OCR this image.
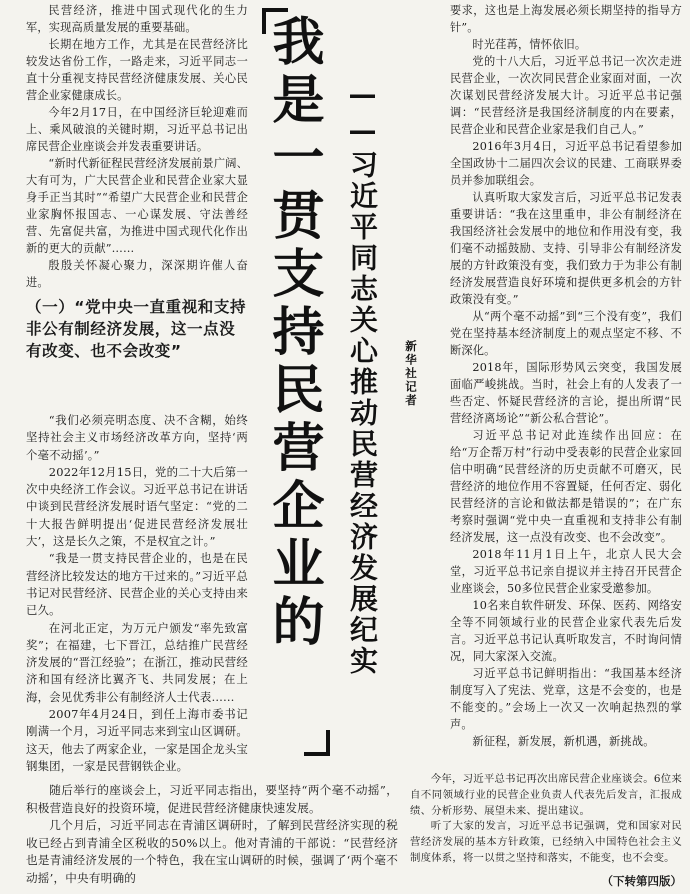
我是一贯支持民营企业的 ——习近平同志关心推动民营经济发展纪实 新华社记者

民营经济，推进中国式现代化的生力军，实现高质量发展的重要基础。

长期在地方工作，尤其是在民营经济比较发达省份工作，一路走来，习近平同志一直十分重视支持民营经济健康发展、关心民营企业家健康成长。

今年2月17日，在中国经济巨轮迎难而上、乘风破浪的关键时期，习近平总书记出席民营企业座谈会并发表重要讲话。

“新时代新征程民营经济发展前景广阔、大有可为，广大民营企业和民营企业家大显身手正当其时”“希望广大民营企业和民营企业家胸怀报国志、一心谋发展、守法善经营、先富促共富，为推进中国式现代化作出新的更大的贡献”……

殷殷关怀凝心聚力，深深期许催人奋进。

（一）“党中央一直重视和支持非公有制经济发展，这一点没有改变、也不会改变”

“我们必须亮明态度、决不含糊，始终坚持社会主义市场经济改革方向，坚持‘两个毫不动摇’。”

2022年12月15日，党的二十大后第一次中央经济工作会议。习近平总书记在讲话中谈到民营经济发展时语气坚定：“党的二十大报告鲜明提出‘促进民营经济发展壮大’，这是长久之策，不是权宜之计。”

“我是一贯支持民营企业的，也是在民营经济比较发达的地方干过来的。”习近平总书记对民营经济、民营企业的关心支持由来已久。

在河北正定，为万元户颁发“率先致富奖”；在福建，七下晋江，总结推广民营经济发展的“晋江经验”；在浙江，推动民营经济和国有经济比翼齐飞、共同发展；在上海，会见优秀非公有制经济人士代表……

2007年4月24日，到任上海市委书记刚满一个月，习近平同志来到宝山区调研。这天，他去了两家企业，一家是国企龙头宝钢集团，一家是民营钢铁企业。

随后举行的座谈会上，习近平同志指出，要坚持“两个毫不动摇”，积极营造良好的投资环境，促进民营经济健康快速发展。

几个月后，习近平同志在青浦区调研时，了解到民营经济实现的税收已经占到青浦全区税收的50%以上。他对青浦的干部说：“民营经济也是青浦经济发展的一个特色，我在宝山调研的时候，强调了‘两个毫不动摇’，中央有明确的

要求，这也是上海发展必须长期坚持的指导方针”。

时光荏苒，情怀依旧。

党的十八大后，习近平总书记一次次走进民营企业，一次次同民营企业家面对面，一次次谋划民营经济发展大计。习近平总书记强调：“民营经济是我国经济制度的内在要素，民营企业和民营企业家是我们自己人。”

2016年3月4日，习近平总书记看望参加全国政协十二届四次会议的民建、工商联界委员并参加联组会。

认真听取大家发言后，习近平总书记发表重要讲话：“我在这里重申，非公有制经济在我国经济社会发展中的地位和作用没有变，我们毫不动摇鼓励、支持、引导非公有制经济发展的方针政策没有变，我们致力于为非公有制经济发展营造良好环境和提供更多机会的方针政策没有变。”

从“两个毫不动摇”到“三个没有变”，我们党在坚持基本经济制度上的观点坚定不移、不断深化。

2018年，国际形势风云突变，我国发展面临严峻挑战。当时，社会上有的人发表了一些否定、怀疑民营经济的言论，提出所谓“民营经济离场论”“新公私合营论”。

习近平总书记对此连续作出回应：在给“万企帮万村”行动中受表彰的民营企业家回信中明确“民营经济的历史贡献不可磨灭，民营经济的地位作用不容置疑，任何否定、弱化民营经济的言论和做法都是错误的”；在广东考察时强调“党中央一直重视和支持非公有制经济发展，这一点没有改变、也不会改变”。

2018年11月1日上午，北京人民大会堂，习近平总书记亲自提议并主持召开民营企业座谈会，50多位民营企业家受邀参加。

10名来自软件研发、环保、医药、网络安全等不同领域行业的民营企业家代表先后发言。习近平总书记认真听取发言，不时询问情况，同大家深入交流。

习近平总书记鲜明指出：“我国基本经济制度写入了宪法、党章，这是不会变的，也是不能变的。”会场上一次又一次响起热烈的掌声。

新征程，新发展，新机遇，新挑战。

今年，习近平总书记再次出席民营企业座谈会。6位来自不同领域行业的民营企业负责人代表先后发言，汇报成绩、分析形势、展望未来、提出建议。

听了大家的发言，习近平总书记强调，党和国家对民营经济发展的基本方针政策，已经纳入中国特色社会主义制度体系，将一以贯之坚持和落实，不能变，也不会变。

（下转第四版）
